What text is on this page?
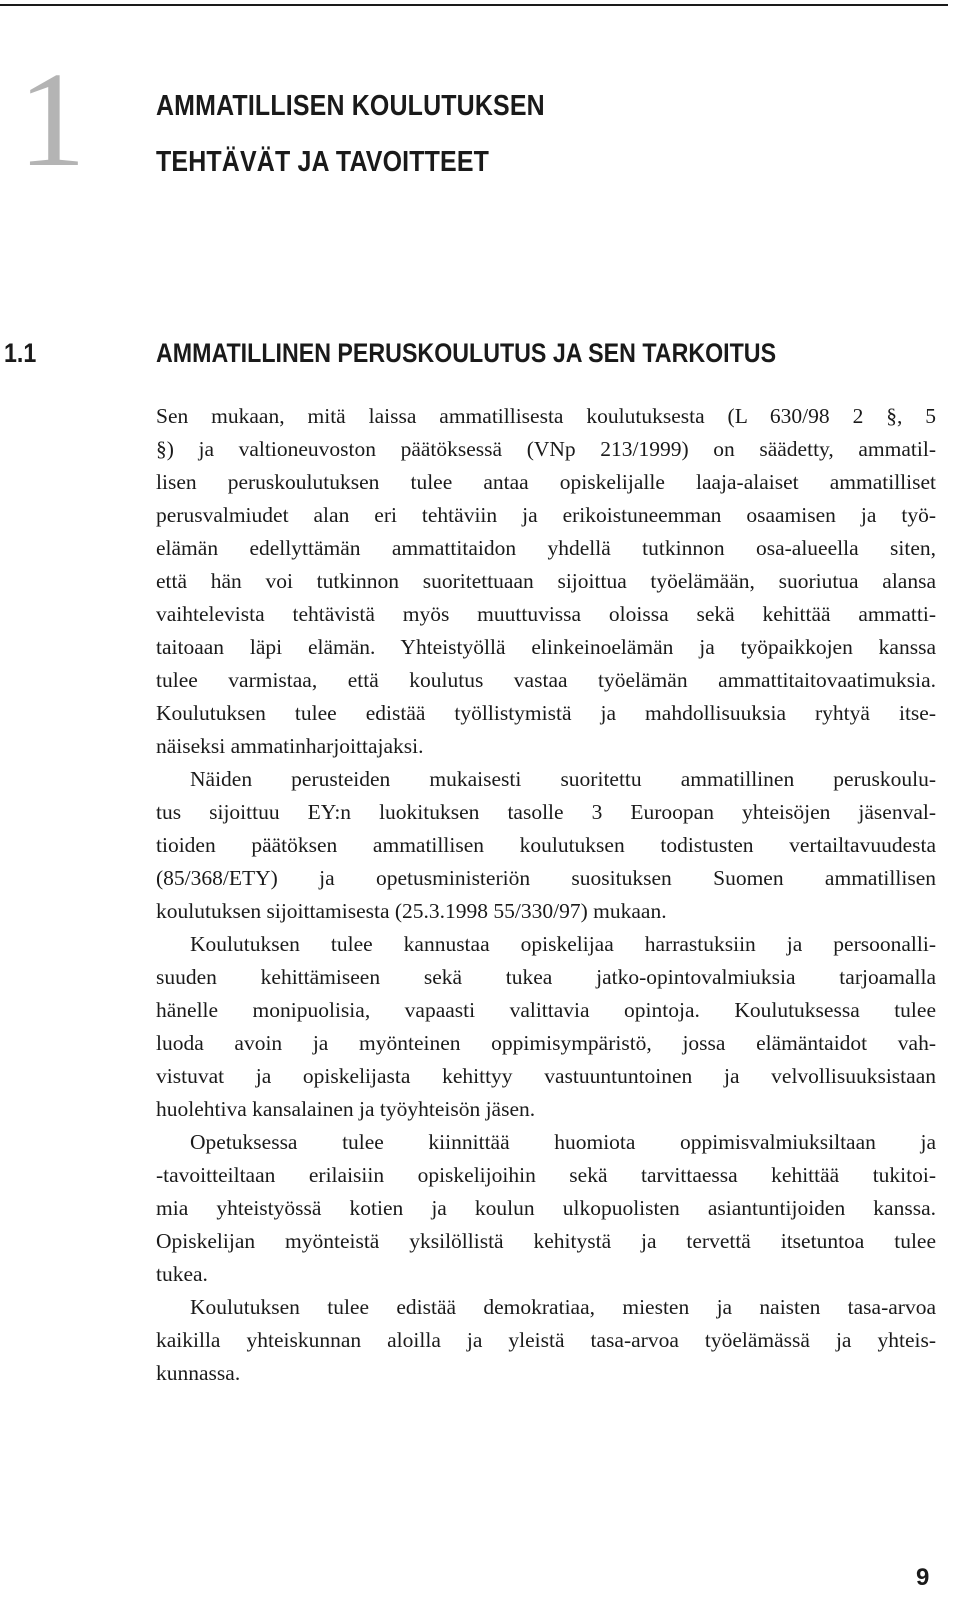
1 AMMATILLISEN KOULUTUKSEN
TEHTÄVÄT JA TAVOITTEET
1.1	AMMATILLINEN PERUSKOULUTUS JA SEN TARKOITUS
Sen mukaan, mitä laissa ammatillisesta koulutuksesta (L 630/98 2 §, 5
§) ja valtioneuvoston päätöksessä (VNp 213/1999) on säädetty, ammatil-
lisen peruskoulutuksen tulee antaa opiskelijalle laaja-alaiset ammatilliset
perusvalmiudet alan eri tehtäviin ja erikoistuneemman osaamisen ja työ-
elämän edellyttämän ammattitaidon yhdellä tutkinnon osa-alueella siten,
että hän voi tutkinnon suoritettuaan sijoittua työelämään, suoriutua alansa
vaihtelevista tehtävistä myös muuttuvissa oloissa sekä kehittää ammatti-
taitoaan läpi elämän. Yhteistyöllä elinkeinoelämän ja työpaikkojen kanssa
tulee varmistaa, että koulutus vastaa työelämän ammattitaitovaatimuksia.
Koulutuksen tulee edistää työllistymistä ja mahdollisuuksia ryhtyä itse-
näiseksi ammatinharjoittajaksi.
Näiden perusteiden mukaisesti suoritettu ammatillinen peruskoulu-
tus sijoittuu EY:n luokituksen tasolle 3 Euroopan yhteisöjen jäsenval-
tioiden päätöksen ammatillisen koulutuksen todistusten vertailtavuudesta
(85/368/ETY) ja opetusministeriön suosituksen Suomen ammatillisen
koulutuksen sijoittamisesta (25.3.1998 55/330/97) mukaan.
Koulutuksen tulee kannustaa opiskelijaa harrastuksiin ja persoonalli-
suuden kehittämiseen sekä tukea jatko-opintovalmiuksia tarjoamalla
hänelle monipuolisia, vapaasti valittavia opintoja. Koulutuksessa tulee
luoda avoin ja myönteinen oppimisympäristö, jossa elämäntaidot vah-
vistuvat ja opiskelijasta kehittyy vastuuntuntoinen ja velvollisuuksistaan
huolehtiva kansalainen ja työyhteisön jäsen.
Opetuksessa tulee kiinnittää huomiota oppimisvalmiuksiltaan ja
-tavoitteiltaan erilaisiin opiskelijoihin sekä tarvittaessa kehittää tukitoi-
mia yhteistyössä kotien ja koulun ulkopuolisten asiantuntijoiden kanssa.
Opiskelijan myönteistä yksilöllistä kehitystä ja tervettä itsetuntoa tulee
tukea.
Koulutuksen tulee edistää demokratiaa, miesten ja naisten tasa-arvoa
kaikilla yhteiskunnan aloilla ja yleistä tasa-arvoa työelämässä ja yhteis-
kunnassa.
9
